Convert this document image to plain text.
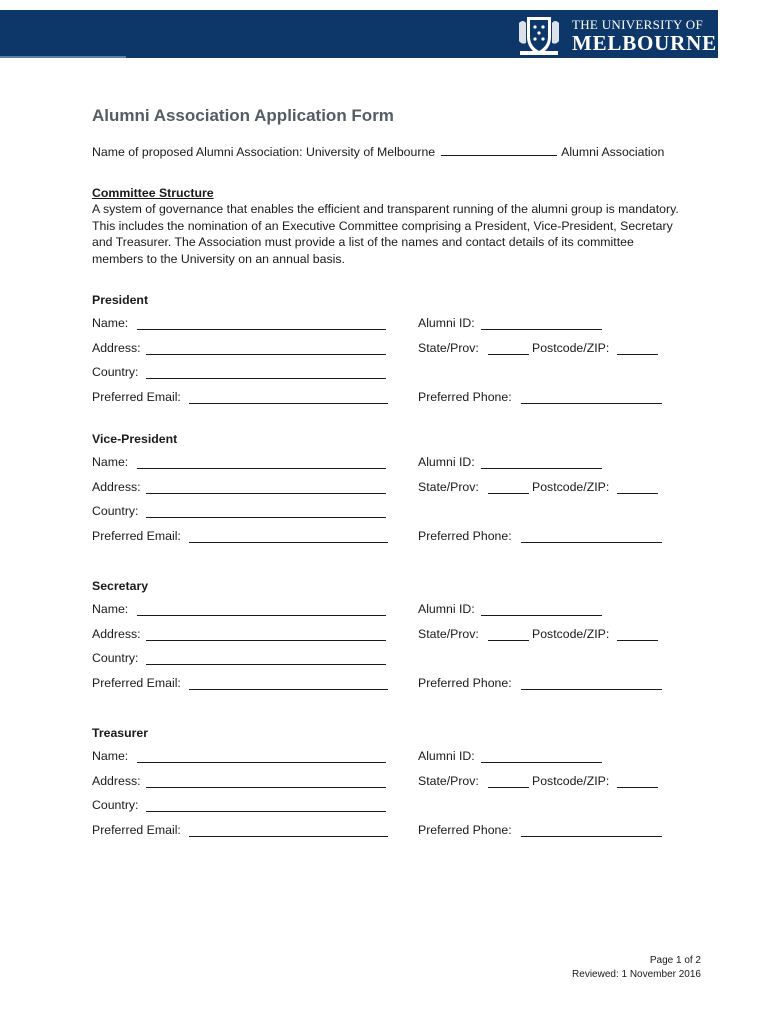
THE UNIVERSITY OF
MELBOURNE
Alumni Association Application Form
Name of proposed Alumni Association: University of Melbourne	Alumni Association
Committee Structure
A system of governance that enables the efficient and transparent running of the alumni group is mandatory.
This includes the nomination of an Executive Committee comprising a President, Vice-President, Secretary
and Treasurer. The Association must provide a list of the names and contact details of its committee
members to the University on an annual basis.
President
Name:	Alumni ID:
Address:	State/Prov:	Postcode/ZIP:
Country:
Preferred Email:	Preferred Phone:
Vice-President
Name:	Alumni ID:
Address:	State/Prov:	Postcode/ZIP:
Country:
Preferred Email:	Preferred Phone:
Secretary
Name:	Alumni ID:
Address:	State/Prov:	Postcode/ZIP:
Country:
Preferred Email:	Preferred Phone:
Treasurer
Name:	Alumni ID:
Address:	State/Prov:	Postcode/ZIP:
Country:
Preferred Email:	Preferred Phone:
Page 1 of 2
Reviewed: 1 November 2016
